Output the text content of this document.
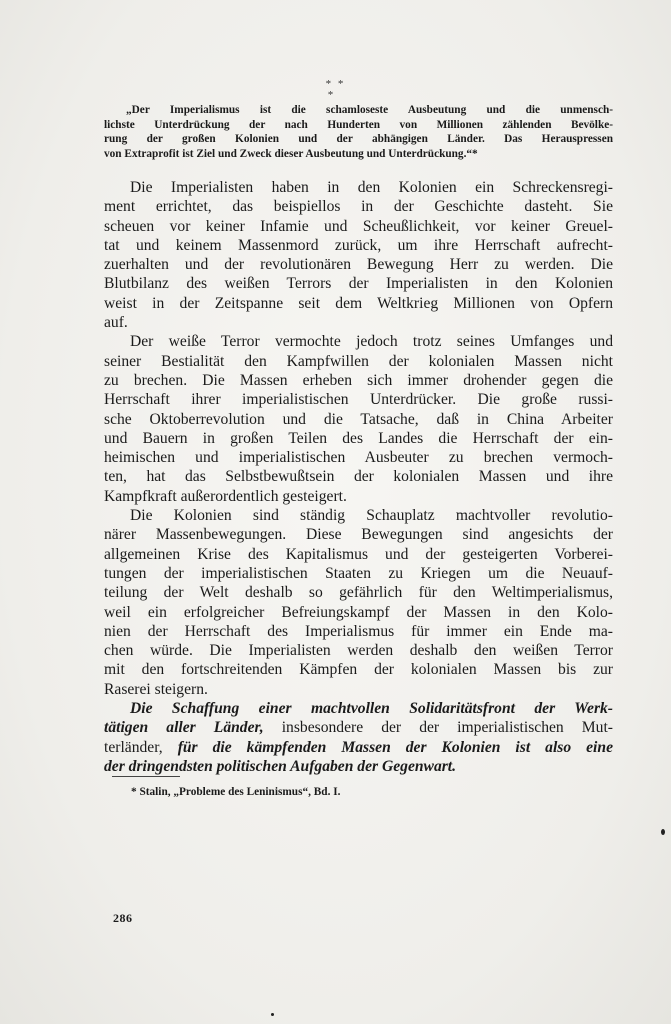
* *
*
„Der Imperialismus ist die schamloseste Ausbeutung und die unmensch-
lichste Unterdrückung der nach Hunderten von Millionen zählenden Bevölke-
rung der großen Kolonien und der abhängigen Länder. Das Herauspressen
von Extraprofit ist Ziel und Zweck dieser Ausbeutung und Unterdrückung.“*
Die Imperialisten haben in den Kolonien ein Schreckensregi-
ment errichtet, das beispiellos in der Geschichte dasteht. Sie
scheuen vor keiner Infamie und Scheußlichkeit, vor keiner Greuel-
tat und keinem Massenmord zurück, um ihre Herrschaft aufrecht-
zuerhalten und der revolutionären Bewegung Herr zu werden. Die
Blutbilanz des weißen Terrors der Imperialisten in den Kolonien
weist in der Zeitspanne seit dem Weltkrieg Millionen von Opfern
auf.
Der weiße Terror vermochte jedoch trotz seines Umfanges und
seiner Bestialität den Kampfwillen der kolonialen Massen nicht
zu brechen. Die Massen erheben sich immer drohender gegen die
Herrschaft ihrer imperialistischen Unterdrücker. Die große russi-
sche Oktoberrevolution und die Tatsache, daß in China Arbeiter
und Bauern in großen Teilen des Landes die Herrschaft der ein-
heimischen und imperialistischen Ausbeuter zu brechen vermoch-
ten, hat das Selbstbewußtsein der kolonialen Massen und ihre
Kampfkraft außerordentlich gesteigert.
Die Kolonien sind ständig Schauplatz machtvoller revolutio-
närer Massenbewegungen. Diese Bewegungen sind angesichts der
allgemeinen Krise des Kapitalismus und der gesteigerten Vorberei-
tungen der imperialistischen Staaten zu Kriegen um die Neuauf-
teilung der Welt deshalb so gefährlich für den Weltimperialismus,
weil ein erfolgreicher Befreiungskampf der Massen in den Kolo-
nien der Herrschaft des Imperialismus für immer ein Ende ma-
chen würde. Die Imperialisten werden deshalb den weißen Terror
mit den fortschreitenden Kämpfen der kolonialen Massen bis zur
Raserei steigern.
Die Schaffung einer machtvollen Solidaritätsfront der Werk-
tätigen aller Länder, insbesondere der der imperialistischen Mut-
terländer, für die kämpfenden Massen der Kolonien ist also eine
der dringendsten politischen Aufgaben der Gegenwart.
* Stalin, „Probleme des Leninismus“, Bd. I.
286
